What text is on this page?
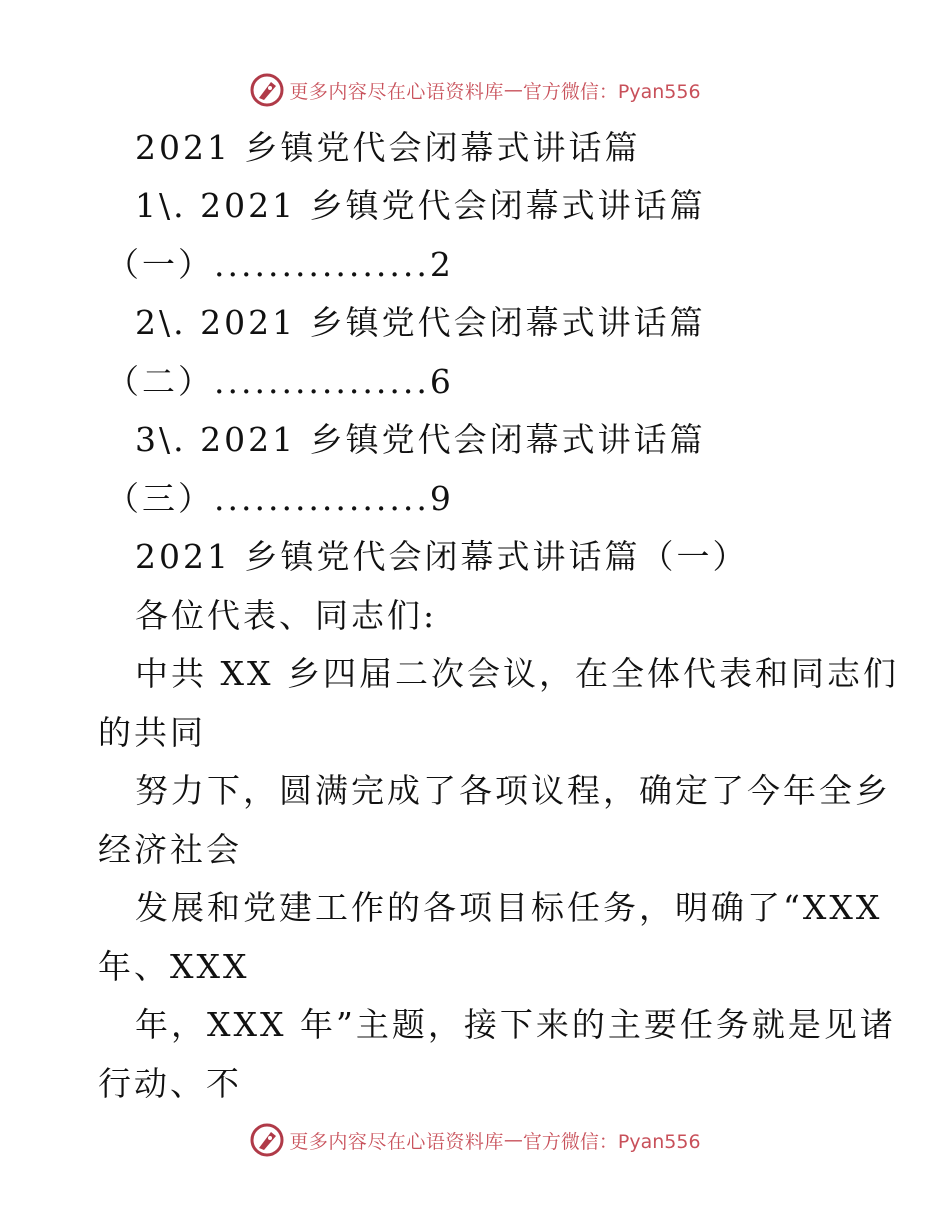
更多内容尽在心语资料库 — 官方微信：Pyan556
2021 乡镇党代会闭幕式讲话篇
1\. 2021 乡镇党代会闭幕式讲话篇
（一）................2
2\. 2021 乡镇党代会闭幕式讲话篇
（二）................6
3\. 2021 乡镇党代会闭幕式讲话篇
（三）................9
2021 乡镇党代会闭幕式讲话篇（一）
各位代表、同志们:
中共 XX 乡四届二次会议，在全体代表和同志们
的共同
努力下，圆满完成了各项议程，确定了今年全乡
经济社会
发展和党建工作的各项目标任务，明确了“XXX
年、XXX
年，XXX 年”主题，接下来的主要任务就是见诸
行动、不
更多内容尽在心语资料库 — 官方微信：Pyan556
